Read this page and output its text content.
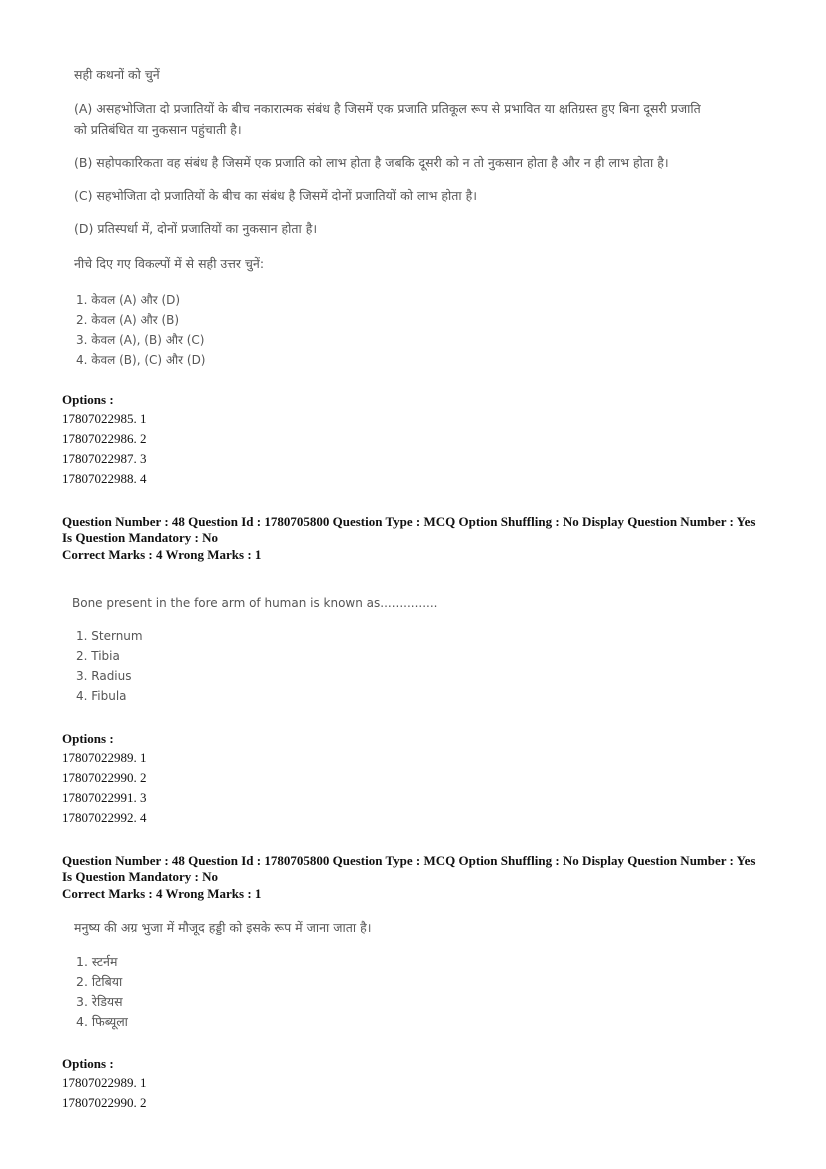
सही कथनों को चुनें
(A) असहभोजिता दो प्रजातियों के बीच नकारात्मक संबंध है जिसमें एक प्रजाति प्रतिकूल रूप से प्रभावित या क्षतिग्रस्त हुए बिना दूसरी प्रजाति
को प्रतिबंधित या नुकसान पहुंचाती है।
(B) सहोपकारिकता वह संबंध है जिसमें एक प्रजाति को लाभ होता है जबकि दूसरी को न तो नुकसान होता है और न ही लाभ होता है।
(C) सहभोजिता दो प्रजातियों के बीच का संबंध है जिसमें दोनों प्रजातियों को लाभ होता है।
(D) प्रतिस्पर्धा में, दोनों प्रजातियों का नुकसान होता है।
नीचे दिए गए विकल्पों में से सही उत्तर चुनें:
1. केवल (A) और (D)
2. केवल (A) और (B)
3. केवल (A), (B) और (C)
4. केवल (B), (C) और (D)
Options :
17807022985. 1
17807022986. 2
17807022987. 3
17807022988. 4
Question Number : 48 Question Id : 1780705800 Question Type : MCQ Option Shuffling : No Display Question Number : Yes
Is Question Mandatory : No
Correct Marks : 4 Wrong Marks : 1
Bone present in the fore arm of human is known as...............
1. Sternum
2. Tibia
3. Radius
4. Fibula
Options :
17807022989. 1
17807022990. 2
17807022991. 3
17807022992. 4
Question Number : 48 Question Id : 1780705800 Question Type : MCQ Option Shuffling : No Display Question Number : Yes
Is Question Mandatory : No
Correct Marks : 4 Wrong Marks : 1
मनुष्य की अग्र भुजा में मौजूद हड्डी को इसके रूप में जाना जाता है।
1. स्टर्नम
2. टिबिया
3. रेडियस
4. फिब्यूला
Options :
17807022989. 1
17807022990. 2
